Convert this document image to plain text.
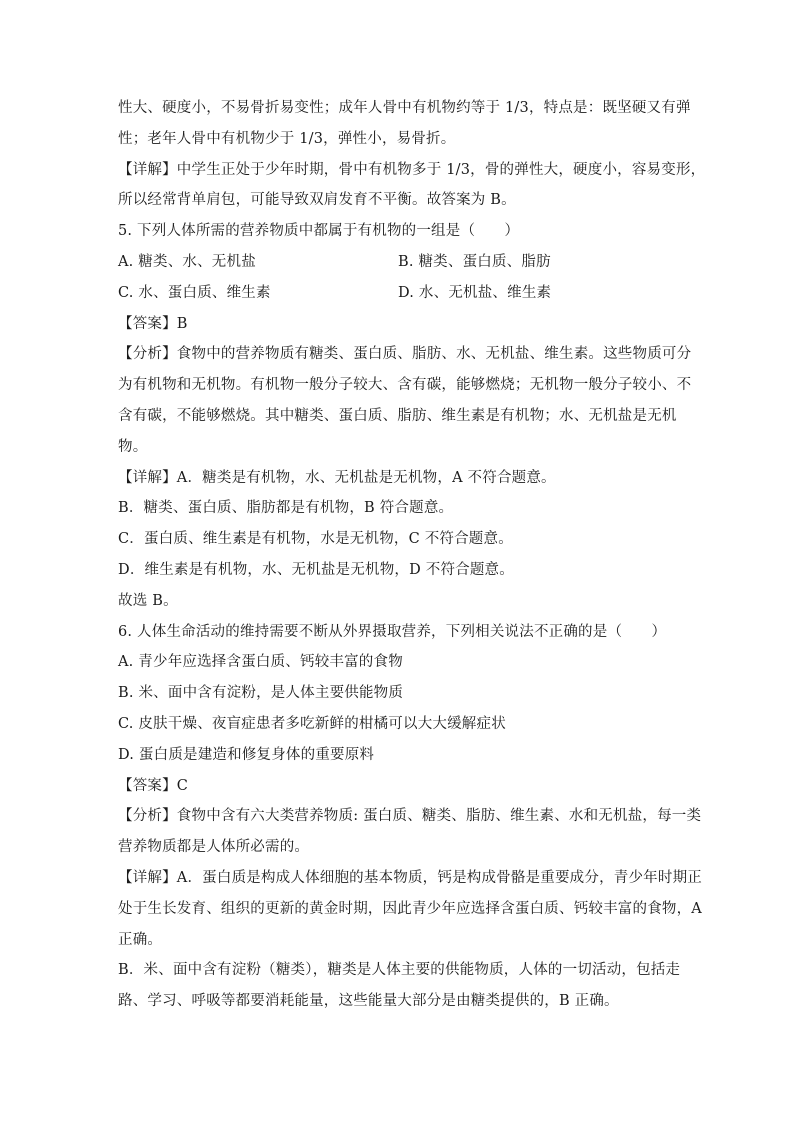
性大、硬度小，不易骨折易变性；成年人骨中有机物约等于 1/3，特点是：既坚硬又有弹
性；老年人骨中有机物少于 1/3，弹性小，易骨折。
【详解】中学生正处于少年时期，骨中有机物多于 1/3，骨的弹性大，硬度小，容易变形，
所以经常背单肩包，可能导致双肩发育不平衡。故答案为 B。
5. 下列人体所需的营养物质中都属于有机物的一组是（　　）
A. 糖类、水、无机盐	B. 糖类、蛋白质、脂肪
C. 水、蛋白质、维生素	D. 水、无机盐、维生素
【答案】B
【分析】食物中的营养物质有糖类、蛋白质、脂肪、水、无机盐、维生素。这些物质可分
为有机物和无机物。有机物一般分子较大、含有碳，能够燃烧；无机物一般分子较小、不
含有碳，不能够燃烧。其中糖类、蛋白质、脂肪、维生素是有机物；水、无机盐是无机
物。
【详解】A．糖类是有机物，水、无机盐是无机物，A 不符合题意。
B．糖类、蛋白质、脂肪都是有机物，B 符合题意。
C．蛋白质、维生素是有机物，水是无机物，C 不符合题意。
D．维生素是有机物，水、无机盐是无机物，D 不符合题意。
故选 B。
6. 人体生命活动的维持需要不断从外界摄取营养，下列相关说法不正确的是（　　）
A. 青少年应选择含蛋白质、钙较丰富的食物
B. 米、面中含有淀粉，是人体主要供能物质
C. 皮肤干燥、夜盲症患者多吃新鲜的柑橘可以大大缓解症状
D. 蛋白质是建造和修复身体的重要原料
【答案】C
【分析】食物中含有六大类营养物质: 蛋白质、糖类、脂肪、维生素、水和无机盐，每一类
营养物质都是人体所必需的。
【详解】A．蛋白质是构成人体细胞的基本物质，钙是构成骨骼是重要成分，青少年时期正
处于生长发育、组织的更新的黄金时期，因此青少年应选择含蛋白质、钙较丰富的食物，A
正确。
B．米、面中含有淀粉（糖类），糖类是人体主要的供能物质，人体的一切活动，包括走
路、学习、呼吸等都要消耗能量，这些能量大部分是由糖类提供的，B 正确。
